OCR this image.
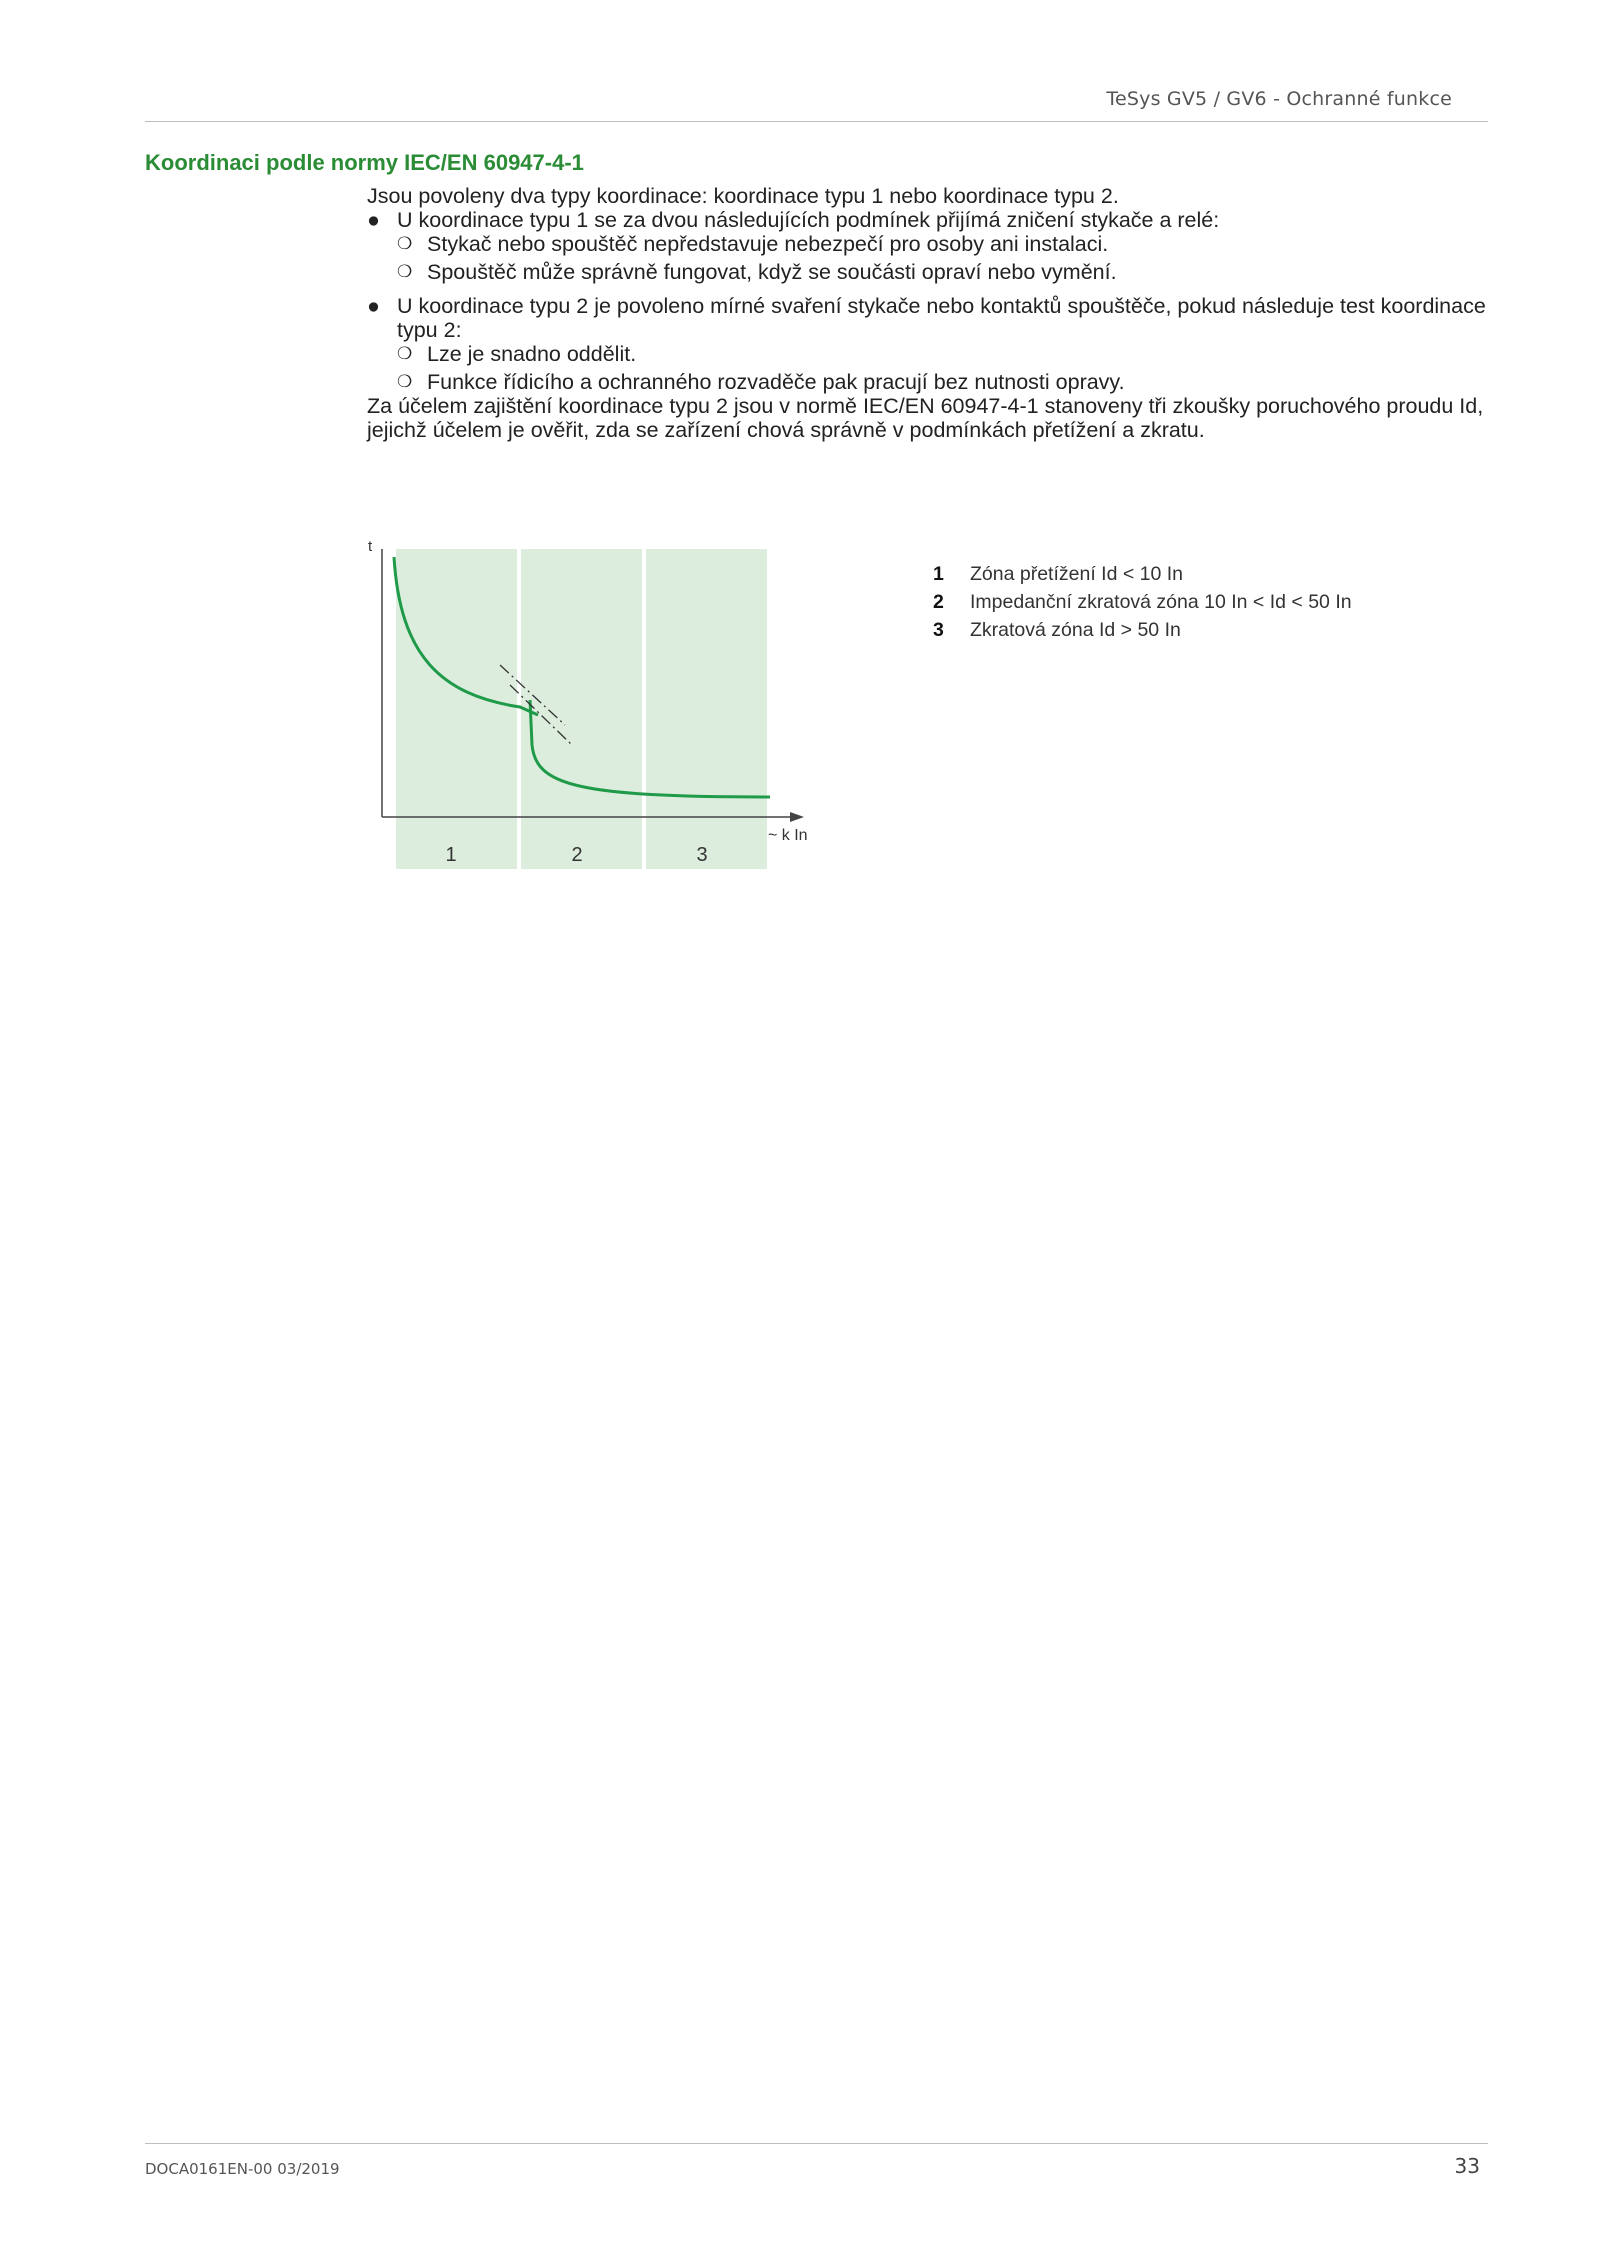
TeSys GV5 / GV6 - Ochranné funkce
Koordinaci podle normy IEC/EN 60947-4-1

Jsou povoleny dva typy koordinace: koordinace typu 1 nebo koordinace typu 2.

● U koordinace typu 1 se za dvou následujících podmínek přijímá zničení stykače a relé:
❍ Stykač nebo spouštěč nepředstavuje nebezpečí pro osoby ani instalaci.
❍ Spouštěč může správně fungovat, když se součásti opraví nebo vymění.
● U koordinace typu 2 je povoleno mírné svaření stykače nebo kontaktů spouštěče, pokud následuje test koordinace typu 2:
❍ Lze je snadno oddělit.
❍ Funkce řídicího a ochranného rozvaděče pak pracují bez nutnosti opravy.

Za účelem zajištění koordinace typu 2 jsou v normě IEC/EN 60947-4-1 stanoveny tři zkoušky poruchového proudu Id, jejichž účelem je ověřit, zda se zařízení chová správně v podmínkách přetížení a zkratu.

t
~ k In
1	2	3
1	Zóna přetížení Id < 10 In
2	Impedanční zkratová zóna 10 In < Id < 50 In
3	Zkratová zóna Id > 50 In
DOCA0161EN-00 03/2019	33
